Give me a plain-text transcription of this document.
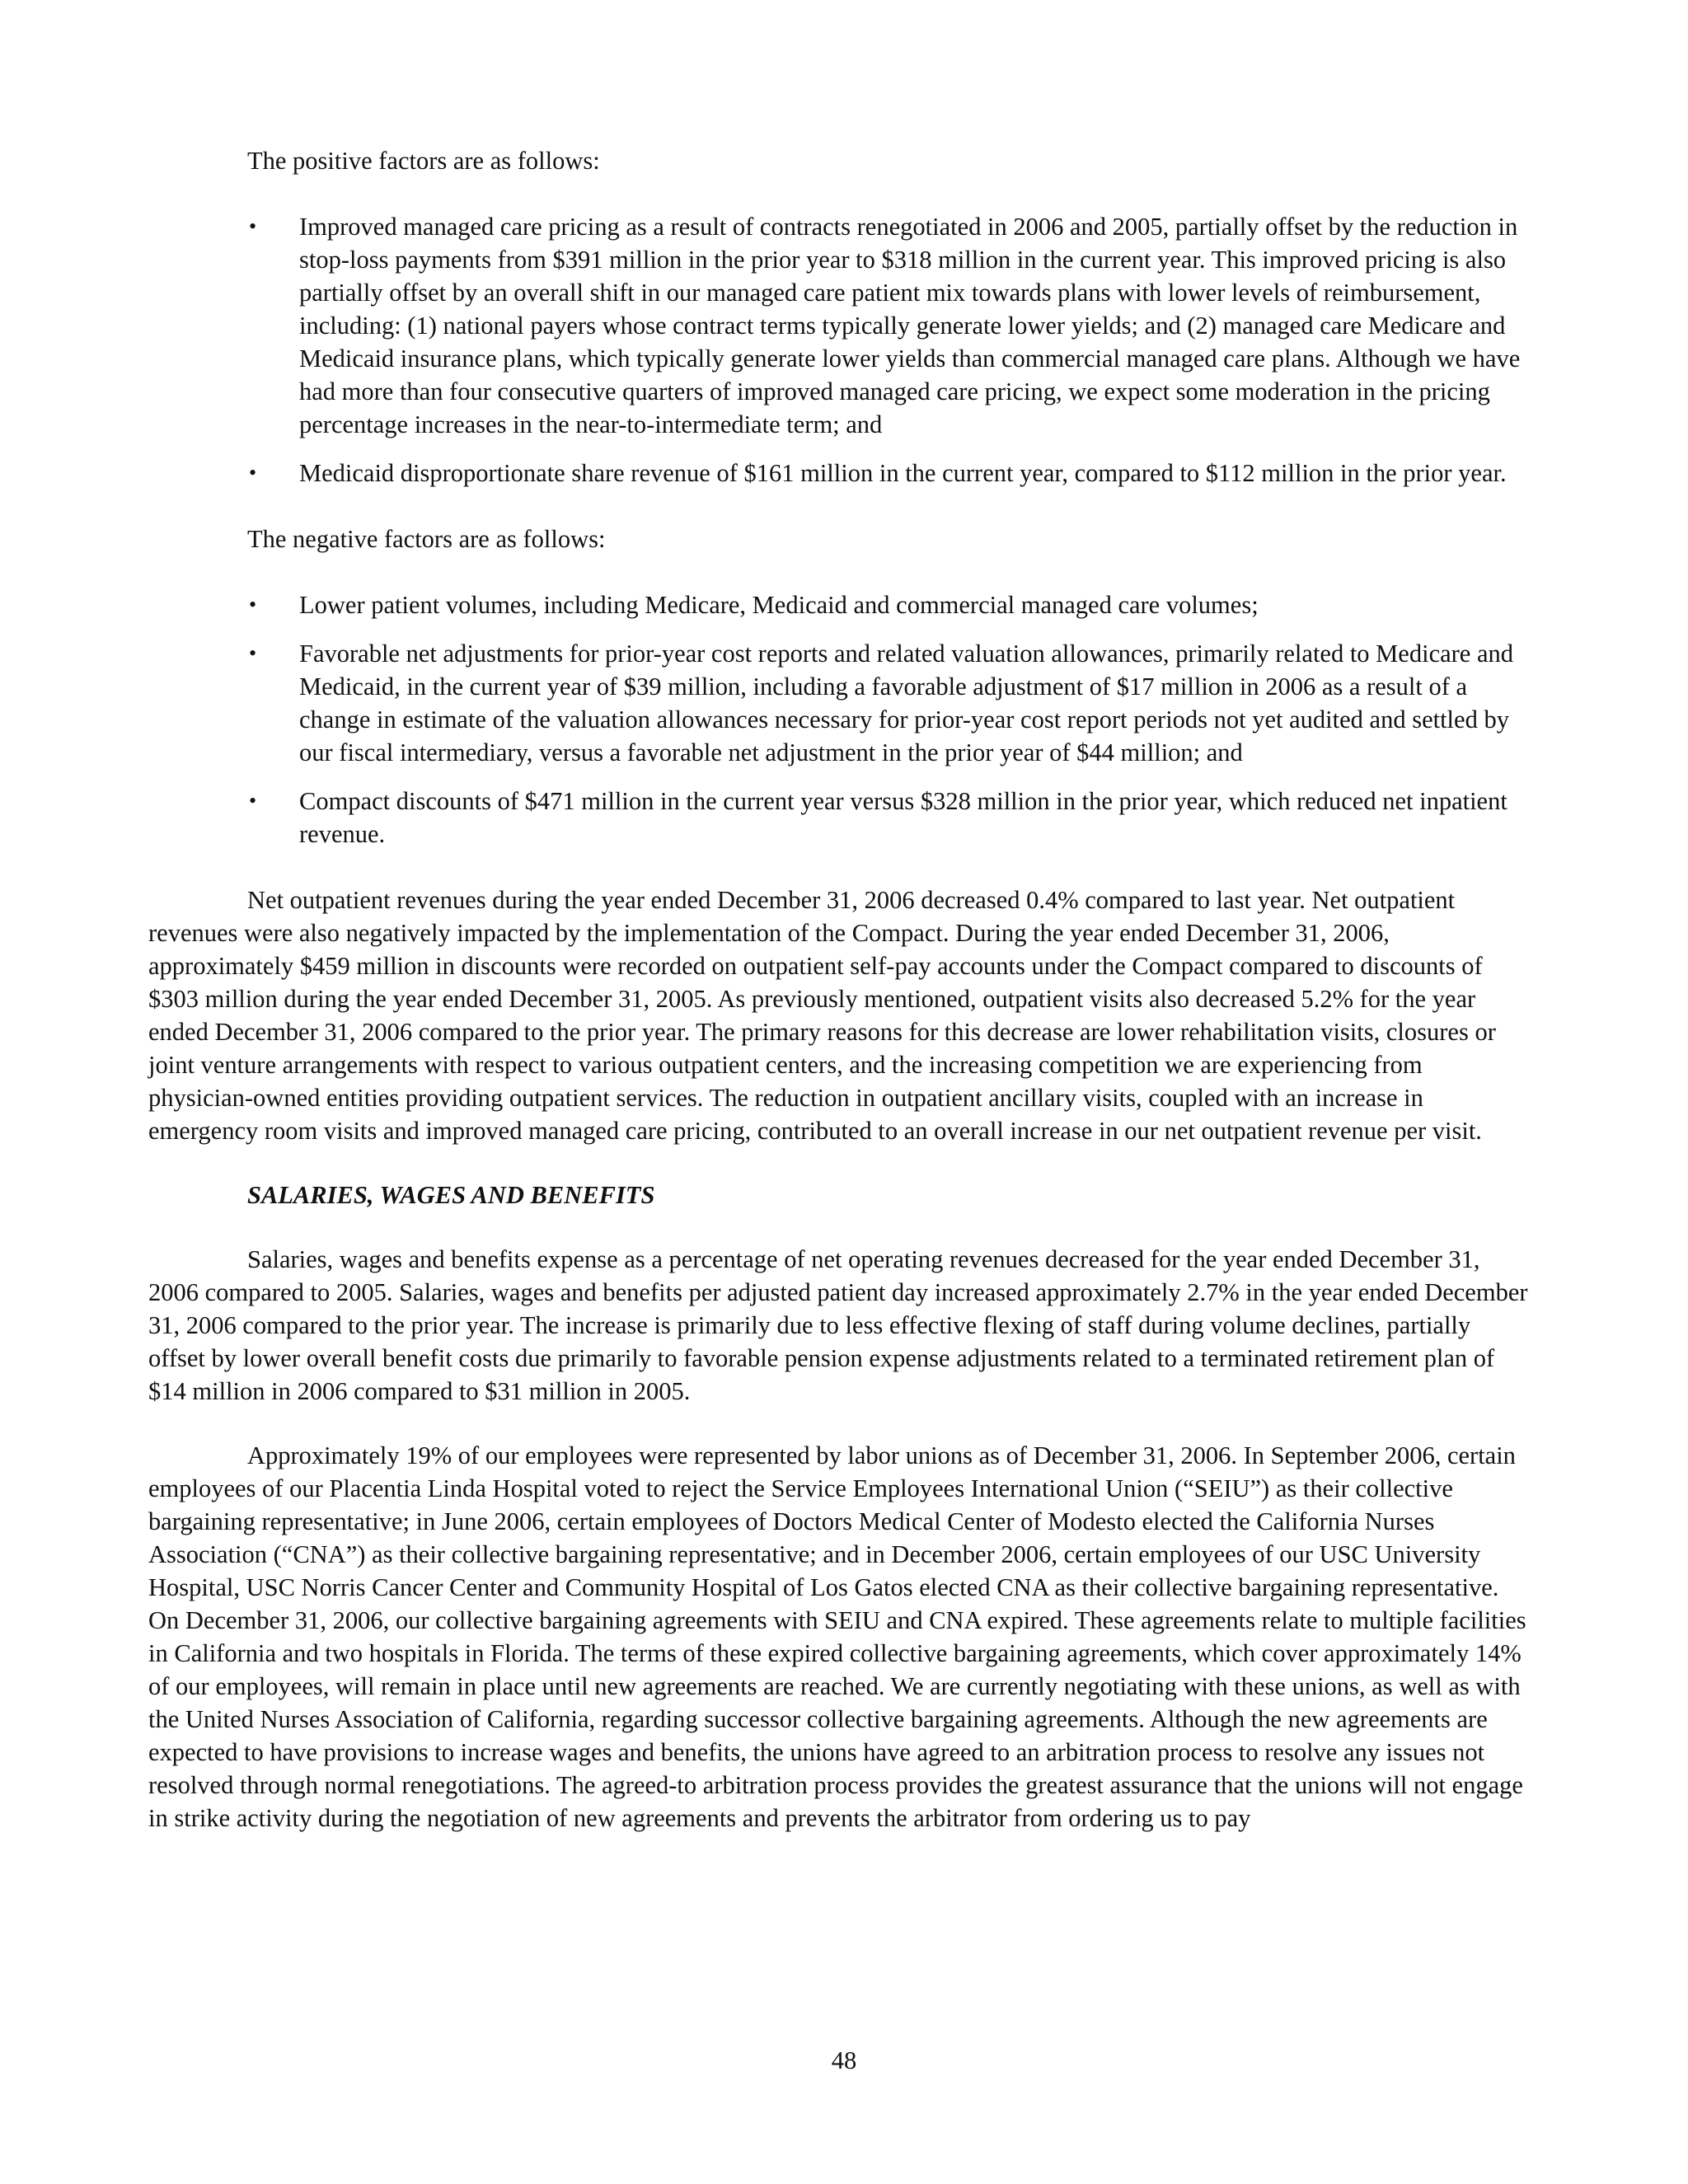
The positive factors are as follows:

• Improved managed care pricing as a result of contracts renegotiated in 2006 and 2005, partially offset by the reduction in stop-loss payments from $391 million in the prior year to $318 million in the current year. This improved pricing is also partially offset by an overall shift in our managed care patient mix towards plans with lower levels of reimbursement, including: (1) national payers whose contract terms typically generate lower yields; and (2) managed care Medicare and Medicaid insurance plans, which typically generate lower yields than commercial managed care plans. Although we have had more than four consecutive quarters of improved managed care pricing, we expect some moderation in the pricing percentage increases in the near-to-intermediate term; and
• Medicaid disproportionate share revenue of $161 million in the current year, compared to $112 million in the prior year.

The negative factors are as follows:

• Lower patient volumes, including Medicare, Medicaid and commercial managed care volumes;
• Favorable net adjustments for prior-year cost reports and related valuation allowances, primarily related to Medicare and Medicaid, in the current year of $39 million, including a favorable adjustment of $17 million in 2006 as a result of a change in estimate of the valuation allowances necessary for prior-year cost report periods not yet audited and settled by our fiscal intermediary, versus a favorable net adjustment in the prior year of $44 million; and
• Compact discounts of $471 million in the current year versus $328 million in the prior year, which reduced net inpatient revenue.

Net outpatient revenues during the year ended December 31, 2006 decreased 0.4% compared to last year. Net outpatient revenues were also negatively impacted by the implementation of the Compact. During the year ended December 31, 2006, approximately $459 million in discounts were recorded on outpatient self-pay accounts under the Compact compared to discounts of $303 million during the year ended December 31, 2005. As previously mentioned, outpatient visits also decreased 5.2% for the year ended December 31, 2006 compared to the prior year. The primary reasons for this decrease are lower rehabilitation visits, closures or joint venture arrangements with respect to various outpatient centers, and the increasing competition we are experiencing from physician-owned entities providing outpatient services. The reduction in outpatient ancillary visits, coupled with an increase in emergency room visits and improved managed care pricing, contributed to an overall increase in our net outpatient revenue per visit.

SALARIES, WAGES AND BENEFITS

Salaries, wages and benefits expense as a percentage of net operating revenues decreased for the year ended December 31, 2006 compared to 2005. Salaries, wages and benefits per adjusted patient day increased approximately 2.7% in the year ended December 31, 2006 compared to the prior year. The increase is primarily due to less effective flexing of staff during volume declines, partially offset by lower overall benefit costs due primarily to favorable pension expense adjustments related to a terminated retirement plan of $14 million in 2006 compared to $31 million in 2005.

Approximately 19% of our employees were represented by labor unions as of December 31, 2006. In September 2006, certain employees of our Placentia Linda Hospital voted to reject the Service Employees International Union (“SEIU”) as their collective bargaining representative; in June 2006, certain employees of Doctors Medical Center of Modesto elected the California Nurses Association (“CNA”) as their collective bargaining representative; and in December 2006, certain employees of our USC University Hospital, USC Norris Cancer Center and Community Hospital of Los Gatos elected CNA as their collective bargaining representative. On December 31, 2006, our collective bargaining agreements with SEIU and CNA expired. These agreements relate to multiple facilities in California and two hospitals in Florida. The terms of these expired collective bargaining agreements, which cover approximately 14% of our employees, will remain in place until new agreements are reached. We are currently negotiating with these unions, as well as with the United Nurses Association of California, regarding successor collective bargaining agreements. Although the new agreements are expected to have provisions to increase wages and benefits, the unions have agreed to an arbitration process to resolve any issues not resolved through normal renegotiations. The agreed-to arbitration process provides the greatest assurance that the unions will not engage in strike activity during the negotiation of new agreements and prevents the arbitrator from ordering us to pay

48
